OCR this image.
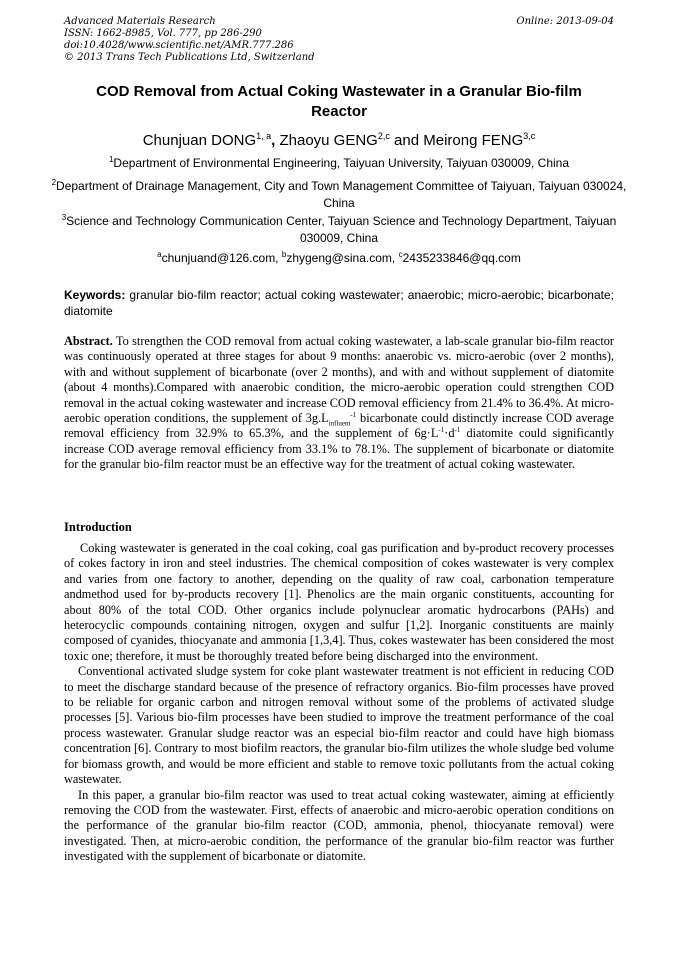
Advanced Materials Research
ISSN: 1662-8985, Vol. 777, pp 286-290
doi:10.4028/www.scientific.net/AMR.777.286
© 2013 Trans Tech Publications Ltd, Switzerland
Online: 2013-09-04
COD Removal from Actual Coking Wastewater in a Granular Bio-film Reactor
Chunjuan DONG$^{1, a}$, Zhaoyu GENG$^{2,c}$ and Meirong FENG$^{3,c}$
$^1$Department of Environmental Engineering, Taiyuan University, Taiyuan 030009, China
$^2$Department of Drainage Management, City and Town Management Committee of Taiyuan, Taiyuan 030024, China
$^3$Science and Technology Communication Center, Taiyuan Science and Technology Department, Taiyuan 030009, China
$^a$chunjuand@126.com, $^b$zhygeng@sina.com, $^c$2435233846@qq.com
Keywords: granular bio-film reactor; actual coking wastewater; anaerobic; micro-aerobic; bicarbonate; diatomite
Abstract. To strengthen the COD removal from actual coking wastewater, a lab-scale granular bio-film reactor was continuously operated at three stages for about 9 months: anaerobic vs. micro-aerobic (over 2 months), with and without supplement of bicarbonate (over 2 months), and with and without supplement of diatomite (about 4 months).Compared with anaerobic condition, the micro-aerobic operation could strengthen COD removal in the actual coking wastewater and increase COD removal efficiency from 21.4% to 36.4%. At micro-aerobic operation conditions, the supplement of $3g.L_{influent}^{-1}$ bicarbonate could distinctly increase COD average removal efficiency from 32.9% to 65.3%, and the supplement of $6g\cdot L^{-1}\cdot d^{-1}$ diatomite could significantly increase COD average removal efficiency from 33.1% to 78.1%. The supplement of bicarbonate or diatomite for the granular bio-film reactor must be an effective way for the treatment of actual coking wastewater.
Introduction

Coking wastewater is generated in the coal coking, coal gas purification and by-product recovery processes of cokes factory in iron and steel industries. The chemical composition of cokes wastewater is very complex and varies from one factory to another, depending on the quality of raw coal, carbonation temperature andmethod used for by-products recovery [1]. Phenolics are the main organic constituents, accounting for about 80% of the total COD. Other organics include polynuclear aromatic hydrocarbons (PAHs) and heterocyclic compounds containing nitrogen, oxygen and sulfur [1,2]. Inorganic constituents are mainly composed of cyanides, thiocyanate and ammonia [1,3,4]. Thus, cokes wastewater has been considered the most toxic one; therefore, it must be thoroughly treated before being discharged into the environment.

Conventional activated sludge system for coke plant wastewater treatment is not efficient in reducing COD to meet the discharge standard because of the presence of refractory organics. Bio-film processes have proved to be reliable for organic carbon and nitrogen removal without some of the problems of activated sludge processes [5]. Various bio-film processes have been studied to improve the treatment performance of the coal process wastewater. Granular sludge reactor was an especial bio-film reactor and could have high biomass concentration [6]. Contrary to most biofilm reactors, the granular bio-film utilizes the whole sludge bed volume for biomass growth, and would be more efficient and stable to remove toxic pollutants from the actual coking wastewater.

In this paper, a granular bio-film reactor was used to treat actual coking wastewater, aiming at efficiently removing the COD from the wastewater. First, effects of anaerobic and micro-aerobic operation conditions on the performance of the granular bio-film reactor (COD, ammonia, phenol, thiocyanate removal) were investigated. Then, at micro-aerobic condition, the performance of the granular bio-film reactor was further investigated with the supplement of bicarbonate or diatomite.
